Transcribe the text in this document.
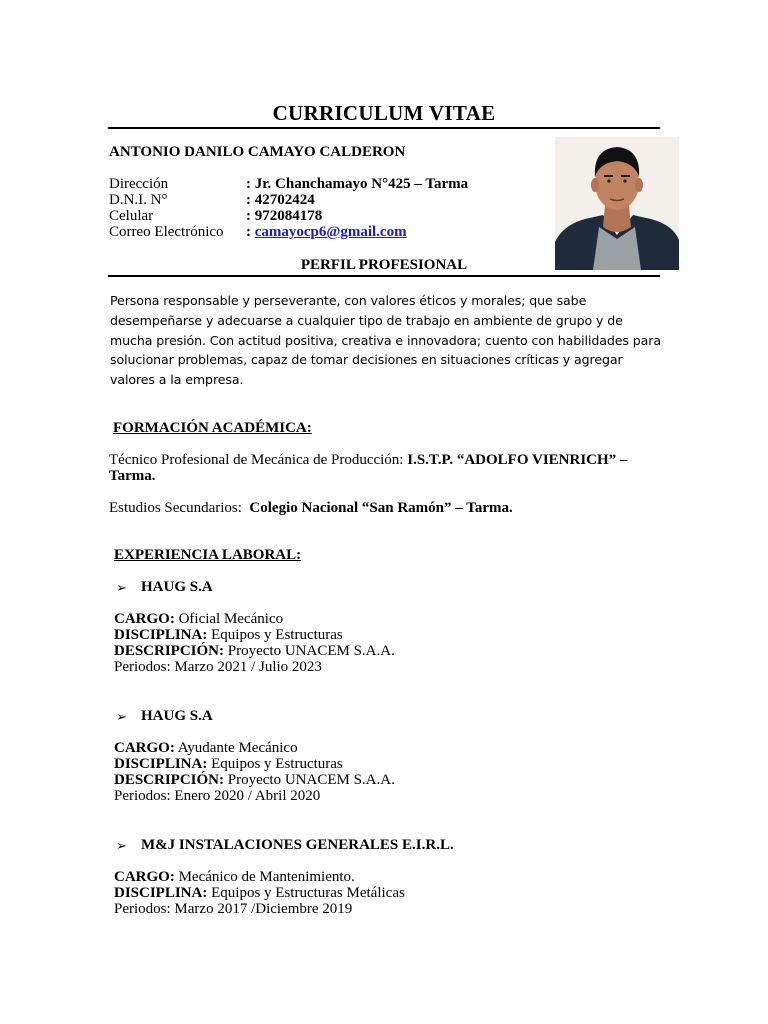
CURRICULUM VITAE
ANTONIO DANILO CAMAYO CALDERON
Dirección	: Jr. Chanchamayo N°425 – Tarma
D.N.I. N°	: 42702424
Celular	: 972084178
Correo Electrónico	: camayocp6@gmail.com
PERFIL PROFESIONAL
Persona responsable y perseverante, con valores éticos y morales; que sabe desempeñarse y adecuarse a cualquier tipo de trabajo en ambiente de grupo y de mucha presión. Con actitud positiva, creativa e innovadora; cuento con habilidades para solucionar problemas, capaz de tomar decisiones en situaciones críticas y agregar valores a la empresa.
FORMACIÓN ACADÉMICA:
Técnico Profesional de Mecánica de Producción: I.S.T.P. “ADOLFO VIENRICH” – Tarma.
Estudios Secundarios: Colegio Nacional “San Ramón” – Tarma.
EXPERIENCIA LABORAL:
➢ HAUG S.A
CARGO: Oficial Mecánico
DISCIPLINA: Equipos y Estructuras
DESCRIPCIÓN: Proyecto UNACEM S.A.A.
Periodos: Marzo 2021 / Julio 2023
➢ HAUG S.A
CARGO: Ayudante Mecánico
DISCIPLINA: Equipos y Estructuras
DESCRIPCIÓN: Proyecto UNACEM S.A.A.
Periodos: Enero 2020 / Abril 2020
➢ M&J INSTALACIONES GENERALES E.I.R.L.
CARGO: Mecánico de Mantenimiento.
DISCIPLINA: Equipos y Estructuras Metálicas
Periodos: Marzo 2017 /Diciembre 2019
